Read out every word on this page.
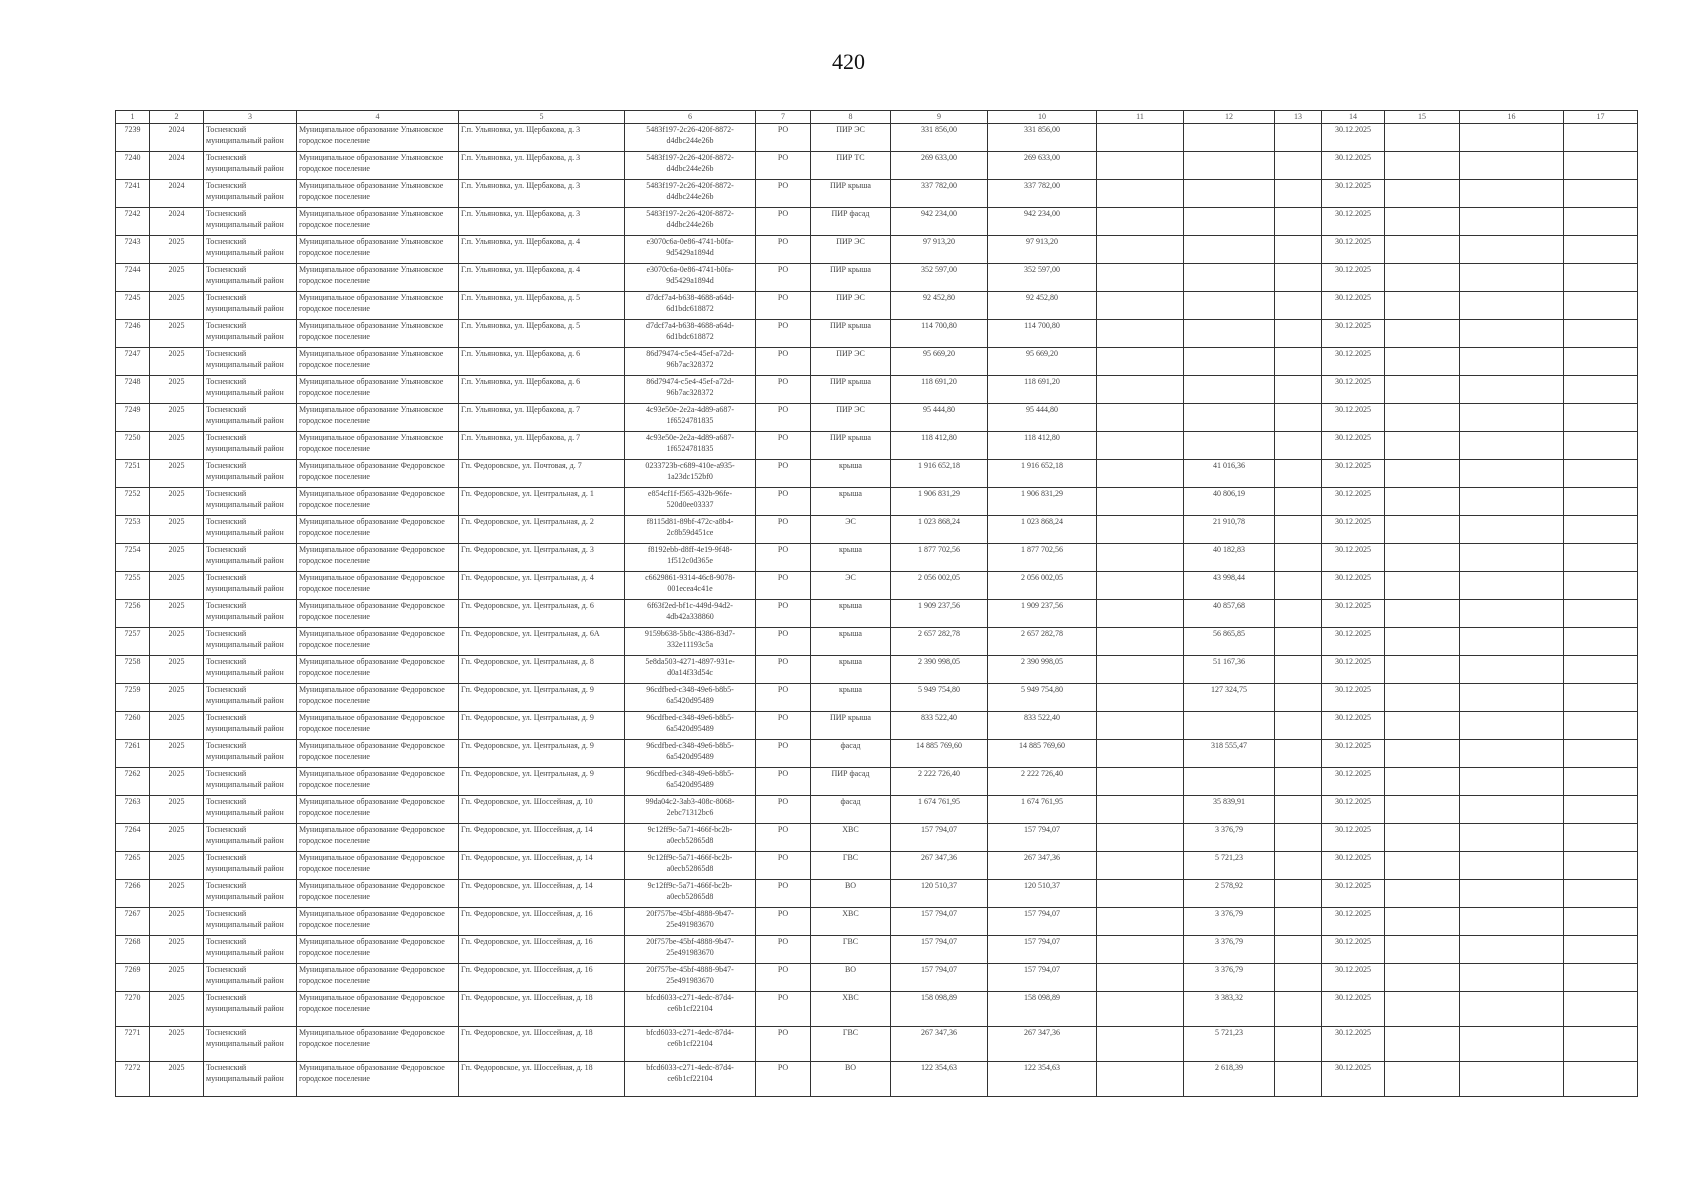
420
1	2	3	4	5	6	7	8	9	10	11	12	13	14	15	16	17
7239	2024	Тосненский муниципальный район	Муниципальное образование Ульяновское городское поселение	Г.п. Ульяновка, ул. Щербакова, д. 3	5483f197-2c26-420f-8872-d4dbc244e26b	РО	ПИР ЭС	331 856,00	331 856,00				30.12.2025			
7240	2024	Тосненский муниципальный район	Муниципальное образование Ульяновское городское поселение	Г.п. Ульяновка, ул. Щербакова, д. 3	5483f197-2c26-420f-8872-d4dbc244e26b	РО	ПИР ТС	269 633,00	269 633,00				30.12.2025			
7241	2024	Тосненский муниципальный район	Муниципальное образование Ульяновское городское поселение	Г.п. Ульяновка, ул. Щербакова, д. 3	5483f197-2c26-420f-8872-d4dbc244e26b	РО	ПИР крыша	337 782,00	337 782,00				30.12.2025			
7242	2024	Тосненский муниципальный район	Муниципальное образование Ульяновское городское поселение	Г.п. Ульяновка, ул. Щербакова, д. 3	5483f197-2c26-420f-8872-d4dbc244e26b	РО	ПИР фасад	942 234,00	942 234,00				30.12.2025			
7243	2025	Тосненский муниципальный район	Муниципальное образование Ульяновское городское поселение	Г.п. Ульяновка, ул. Щербакова, д. 4	e3070c6a-0e86-4741-b0fa-9d5429a1894d	РО	ПИР ЭС	97 913,20	97 913,20				30.12.2025			
7244	2025	Тосненский муниципальный район	Муниципальное образование Ульяновское городское поселение	Г.п. Ульяновка, ул. Щербакова, д. 4	e3070c6a-0e86-4741-b0fa-9d5429a1894d	РО	ПИР крыша	352 597,00	352 597,00				30.12.2025			
7245	2025	Тосненский муниципальный район	Муниципальное образование Ульяновское городское поселение	Г.п. Ульяновка, ул. Щербакова, д. 5	d7dcf7a4-b638-4688-a64d-6d1bdc618872	РО	ПИР ЭС	92 452,80	92 452,80				30.12.2025			
7246	2025	Тосненский муниципальный район	Муниципальное образование Ульяновское городское поселение	Г.п. Ульяновка, ул. Щербакова, д. 5	d7dcf7a4-b638-4688-a64d-6d1bdc618872	РО	ПИР крыша	114 700,80	114 700,80				30.12.2025			
7247	2025	Тосненский муниципальный район	Муниципальное образование Ульяновское городское поселение	Г.п. Ульяновка, ул. Щербакова, д. 6	86d79474-c5e4-45ef-a72d-96b7ac328372	РО	ПИР ЭС	95 669,20	95 669,20				30.12.2025			
7248	2025	Тосненский муниципальный район	Муниципальное образование Ульяновское городское поселение	Г.п. Ульяновка, ул. Щербакова, д. 6	86d79474-c5e4-45ef-a72d-96b7ac328372	РО	ПИР крыша	118 691,20	118 691,20				30.12.2025			
7249	2025	Тосненский муниципальный район	Муниципальное образование Ульяновское городское поселение	Г.п. Ульяновка, ул. Щербакова, д. 7	4c93e50e-2e2a-4d89-a687-1f6524781835	РО	ПИР ЭС	95 444,80	95 444,80				30.12.2025			
7250	2025	Тосненский муниципальный район	Муниципальное образование Ульяновское городское поселение	Г.п. Ульяновка, ул. Щербакова, д. 7	4c93e50e-2e2a-4d89-a687-1f6524781835	РО	ПИР крыша	118 412,80	118 412,80				30.12.2025			
7251	2025	Тосненский муниципальный район	Муниципальное образование Федоровское городское поселение	Гп. Федоровское, ул. Почтовая, д. 7	0233723b-c689-410e-a935-1a23dc152bf0	РО	крыша	1 916 652,18	1 916 652,18		41 016,36		30.12.2025			
7252	2025	Тосненский муниципальный район	Муниципальное образование Федоровское городское поселение	Гп. Федоровское, ул. Центральная, д. 1	e854cf1f-f565-432b-96fe-520d0ee03337	РО	крыша	1 906 831,29	1 906 831,29		40 806,19		30.12.2025			
7253	2025	Тосненский муниципальный район	Муниципальное образование Федоровское городское поселение	Гп. Федоровское, ул. Центральная, д. 2	f8115d81-89bf-472c-a8b4-2c8b59d451ce	РО	ЭС	1 023 868,24	1 023 868,24		21 910,78		30.12.2025			
7254	2025	Тосненский муниципальный район	Муниципальное образование Федоровское городское поселение	Гп. Федоровское, ул. Центральная, д. 3	f8192ebb-d8ff-4e19-9f48-1f512c0d365e	РО	крыша	1 877 702,56	1 877 702,56		40 182,83		30.12.2025			
7255	2025	Тосненский муниципальный район	Муниципальное образование Федоровское городское поселение	Гп. Федоровское, ул. Центральная, д. 4	c6629861-9314-46c8-9078-001ecea4c41e	РО	ЭС	2 056 002,05	2 056 002,05		43 998,44		30.12.2025			
7256	2025	Тосненский муниципальный район	Муниципальное образование Федоровское городское поселение	Гп. Федоровское, ул. Центральная, д. 6	6f63f2ed-bf1c-449d-94d2-4db42a338860	РО	крыша	1 909 237,56	1 909 237,56		40 857,68		30.12.2025			
7257	2025	Тосненский муниципальный район	Муниципальное образование Федоровское городское поселение	Гп. Федоровское, ул. Центральная, д. 6А	9159b638-5b8c-4386-83d7-332e11193c5a	РО	крыша	2 657 282,78	2 657 282,78		56 865,85		30.12.2025			
7258	2025	Тосненский муниципальный район	Муниципальное образование Федоровское городское поселение	Гп. Федоровское, ул. Центральная, д. 8	5e8da503-4271-4897-931e-d0a14f33d54c	РО	крыша	2 390 998,05	2 390 998,05		51 167,36		30.12.2025			
7259	2025	Тосненский муниципальный район	Муниципальное образование Федоровское городское поселение	Гп. Федоровское, ул. Центральная, д. 9	96cdfbed-c348-49e6-b8b5-6a5420d95489	РО	крыша	5 949 754,80	5 949 754,80		127 324,75		30.12.2025			
7260	2025	Тосненский муниципальный район	Муниципальное образование Федоровское городское поселение	Гп. Федоровское, ул. Центральная, д. 9	96cdfbed-c348-49e6-b8b5-6a5420d95489	РО	ПИР крыша	833 522,40	833 522,40				30.12.2025			
7261	2025	Тосненский муниципальный район	Муниципальное образование Федоровское городское поселение	Гп. Федоровское, ул. Центральная, д. 9	96cdfbed-c348-49e6-b8b5-6a5420d95489	РО	фасад	14 885 769,60	14 885 769,60		318 555,47		30.12.2025			
7262	2025	Тосненский муниципальный район	Муниципальное образование Федоровское городское поселение	Гп. Федоровское, ул. Центральная, д. 9	96cdfbed-c348-49e6-b8b5-6a5420d95489	РО	ПИР фасад	2 222 726,40	2 222 726,40				30.12.2025			
7263	2025	Тосненский муниципальный район	Муниципальное образование Федоровское городское поселение	Гп. Федоровское, ул. Шоссейная, д. 10	99da04c2-3ab3-408c-8068-2ebc71312bc6	РО	фасад	1 674 761,95	1 674 761,95		35 839,91		30.12.2025			
7264	2025	Тосненский муниципальный район	Муниципальное образование Федоровское городское поселение	Гп. Федоровское, ул. Шоссейная, д. 14	9c12ff9c-5a71-466f-bc2b-a0ecb52865d8	РО	ХВС	157 794,07	157 794,07		3 376,79		30.12.2025			
7265	2025	Тосненский муниципальный район	Муниципальное образование Федоровское городское поселение	Гп. Федоровское, ул. Шоссейная, д. 14	9c12ff9c-5a71-466f-bc2b-a0ecb52865d8	РО	ГВС	267 347,36	267 347,36		5 721,23		30.12.2025			
7266	2025	Тосненский муниципальный район	Муниципальное образование Федоровское городское поселение	Гп. Федоровское, ул. Шоссейная, д. 14	9c12ff9c-5a71-466f-bc2b-a0ecb52865d8	РО	ВО	120 510,37	120 510,37		2 578,92		30.12.2025			
7267	2025	Тосненский муниципальный район	Муниципальное образование Федоровское городское поселение	Гп. Федоровское, ул. Шоссейная, д. 16	20f757be-45bf-4888-9b47-25e491983670	РО	ХВС	157 794,07	157 794,07		3 376,79		30.12.2025			
7268	2025	Тосненский муниципальный район	Муниципальное образование Федоровское городское поселение	Гп. Федоровское, ул. Шоссейная, д. 16	20f757be-45bf-4888-9b47-25e491983670	РО	ГВС	157 794,07	157 794,07		3 376,79		30.12.2025			
7269	2025	Тосненский муниципальный район	Муниципальное образование Федоровское городское поселение	Гп. Федоровское, ул. Шоссейная, д. 16	20f757be-45bf-4888-9b47-25e491983670	РО	ВО	157 794,07	157 794,07		3 376,79		30.12.2025			
7270	2025	Тосненский муниципальный район	Муниципальное образование Федоровское городское поселение	Гп. Федоровское, ул. Шоссейная, д. 18	bfcd6033-c271-4edc-87d4-ce6b1cf22104	РО	ХВС	158 098,89	158 098,89		3 383,32		30.12.2025			
7271	2025	Тосненский муниципальный район	Муниципальное образование Федоровское городское поселение	Гп. Федоровское, ул. Шоссейная, д. 18	bfcd6033-c271-4edc-87d4-ce6b1cf22104	РО	ГВС	267 347,36	267 347,36		5 721,23		30.12.2025			
7272	2025	Тосненский муниципальный район	Муниципальное образование Федоровское городское поселение	Гп. Федоровское, ул. Шоссейная, д. 18	bfcd6033-c271-4edc-87d4-ce6b1cf22104	РО	ВО	122 354,63	122 354,63		2 618,39		30.12.2025			
